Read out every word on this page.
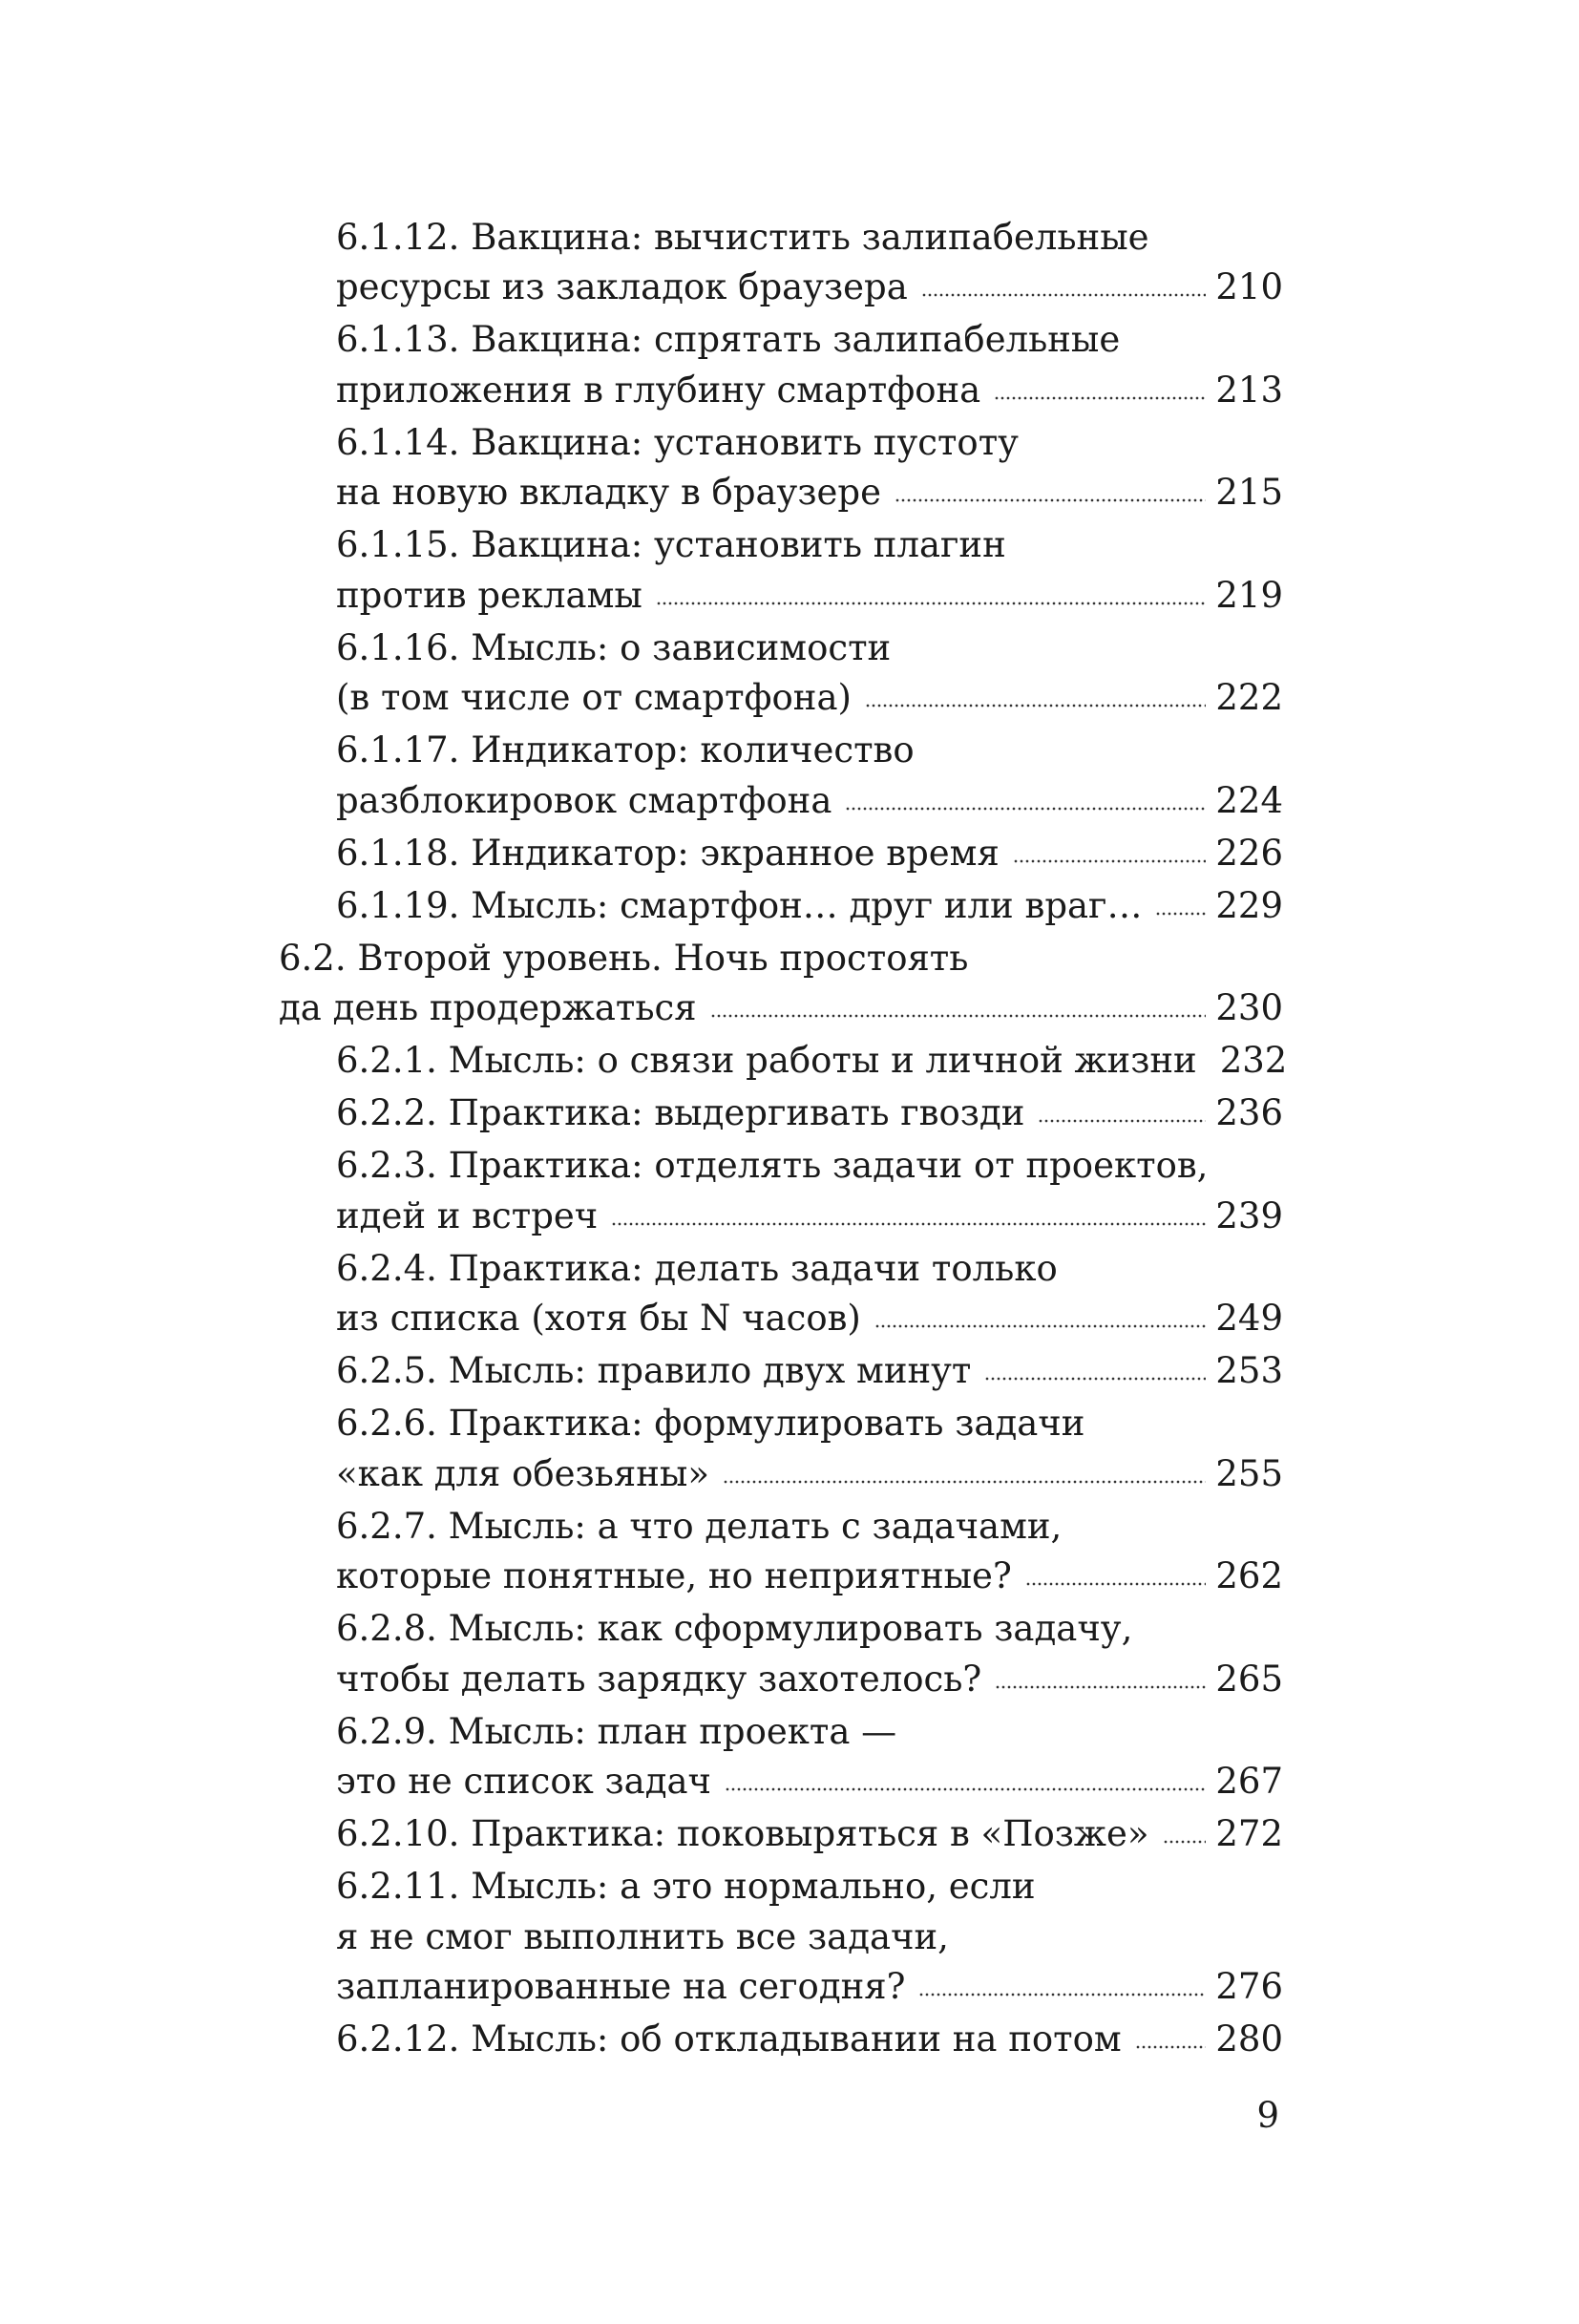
6.1.12. Вакцина: вычистить залипабельные
ресурсы из закладок браузера	210
6.1.13. Вакцина: спрятать залипабельные
приложения в глубину смартфона	213
6.1.14. Вакцина: установить пустоту
на новую вкладку в браузере	215
6.1.15. Вакцина: установить плагин
против рекламы	219
6.1.16. Мысль: о зависимости
(в том числе от смартфона)	222
6.1.17. Индикатор: количество
разблокировок смартфона	224
6.1.18. Индикатор: экранное время	226
6.1.19. Мысль: смартфон… друг или враг… 229
6.2. Второй уровень. Ночь простоять
да день продержаться	230
6.2.1. Мысль: о связи работы и личной жизни 232
6.2.2. Практика: выдергивать гвозди	236
6.2.3. Практика: отделять задачи от проектов,
идей и встреч	239
6.2.4. Практика: делать задачи только
из списка (хотя бы N часов)	249
6.2.5. Мысль: правило двух минут	253
6.2.6. Практика: формулировать задачи
«как для обезьяны»	255
6.2.7. Мысль: а что делать с задачами,
которые понятные, но неприятные?	262
6.2.8. Мысль: как сформулировать задачу,
чтобы делать зарядку захотелось?	265
6.2.9. Мысль: план проекта —
это не список задач	267
6.2.10. Практика: поковыряться в «Позже» 272
6.2.11. Мысль: а это нормально, если
я не смог выполнить все задачи,
запланированные на сегодня?	276
6.2.12. Мысль: об откладывании на потом	280
9
